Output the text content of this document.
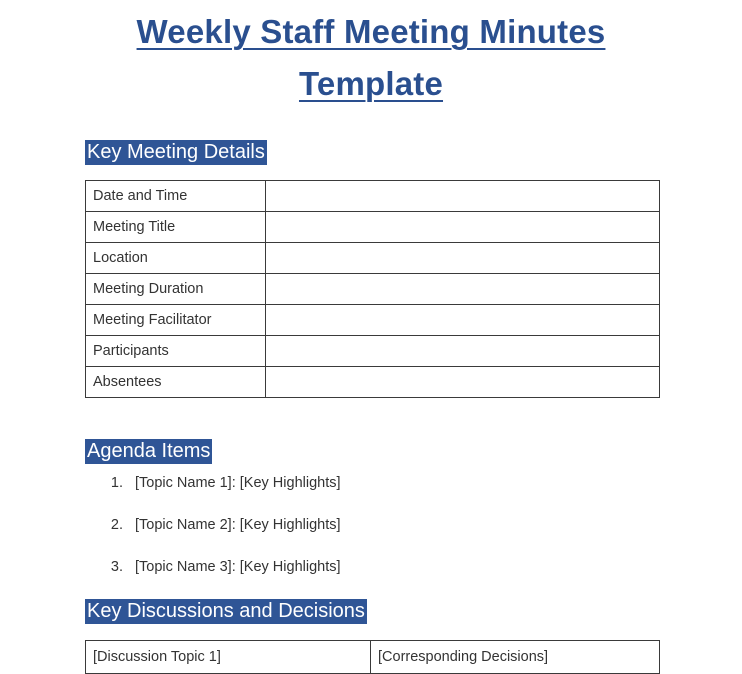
Weekly Staff Meeting Minutes
Template
Key Meeting Details
Date and Time	
Meeting Title	
Location	
Meeting Duration	
Meeting Facilitator	
Participants	
Absentees	
Agenda Items
1. [Topic Name 1]: [Key Highlights]
2. [Topic Name 2]: [Key Highlights]
3. [Topic Name 3]: [Key Highlights]
Key Discussions and Decisions
[Discussion Topic 1]	[Corresponding Decisions]
